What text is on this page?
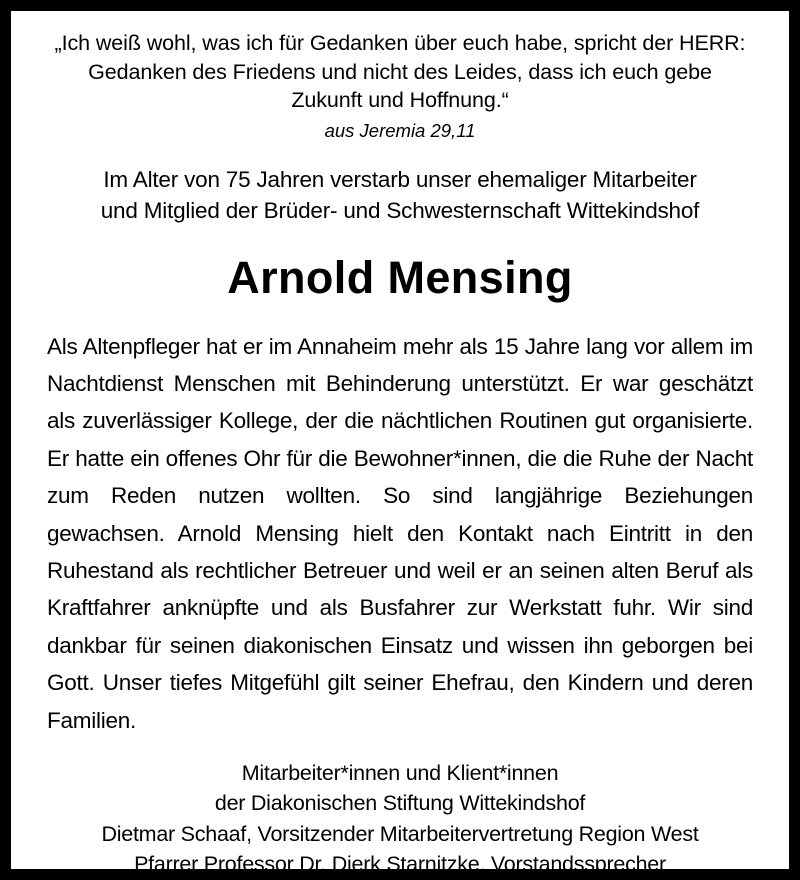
„Ich weiß wohl, was ich für Gedanken über euch habe, spricht der HERR:
Gedanken des Friedens und nicht des Leides, dass ich euch gebe
Zukunft und Hoffnung.“
aus Jeremia 29,11
Im Alter von 75 Jahren verstarb unser ehemaliger Mitarbeiter
und Mitglied der Brüder- und Schwesternschaft Wittekindshof
Arnold Mensing
Als Altenpfleger hat er im Annaheim mehr als 15 Jahre lang vor allem im Nachtdienst Menschen mit Behinderung unterstützt. Er war geschätzt als zuverlässiger Kollege, der die nächtlichen Routinen gut organisierte. Er hatte ein offenes Ohr für die Bewohner*innen, die die Ruhe der Nacht zum Reden nutzen wollten. So sind langjährige Beziehungen gewachsen. Arnold Mensing hielt den Kontakt nach Eintritt in den Ruhestand als rechtlicher Betreuer und weil er an seinen alten Beruf als Kraftfahrer anknüpfte und als Busfahrer zur Werkstatt fuhr. Wir sind dankbar für seinen diakonischen Einsatz und wissen ihn geborgen bei Gott. Unser tiefes Mitgefühl gilt seiner Ehefrau, den Kindern und deren Familien.
Mitarbeiter*innen und Klient*innen
der Diakonischen Stiftung Wittekindshof
Dietmar Schaaf, Vorsitzender Mitarbeitervertretung Region West
Pfarrer Professor Dr. Dierk Starnitzke, Vorstandssprecher
